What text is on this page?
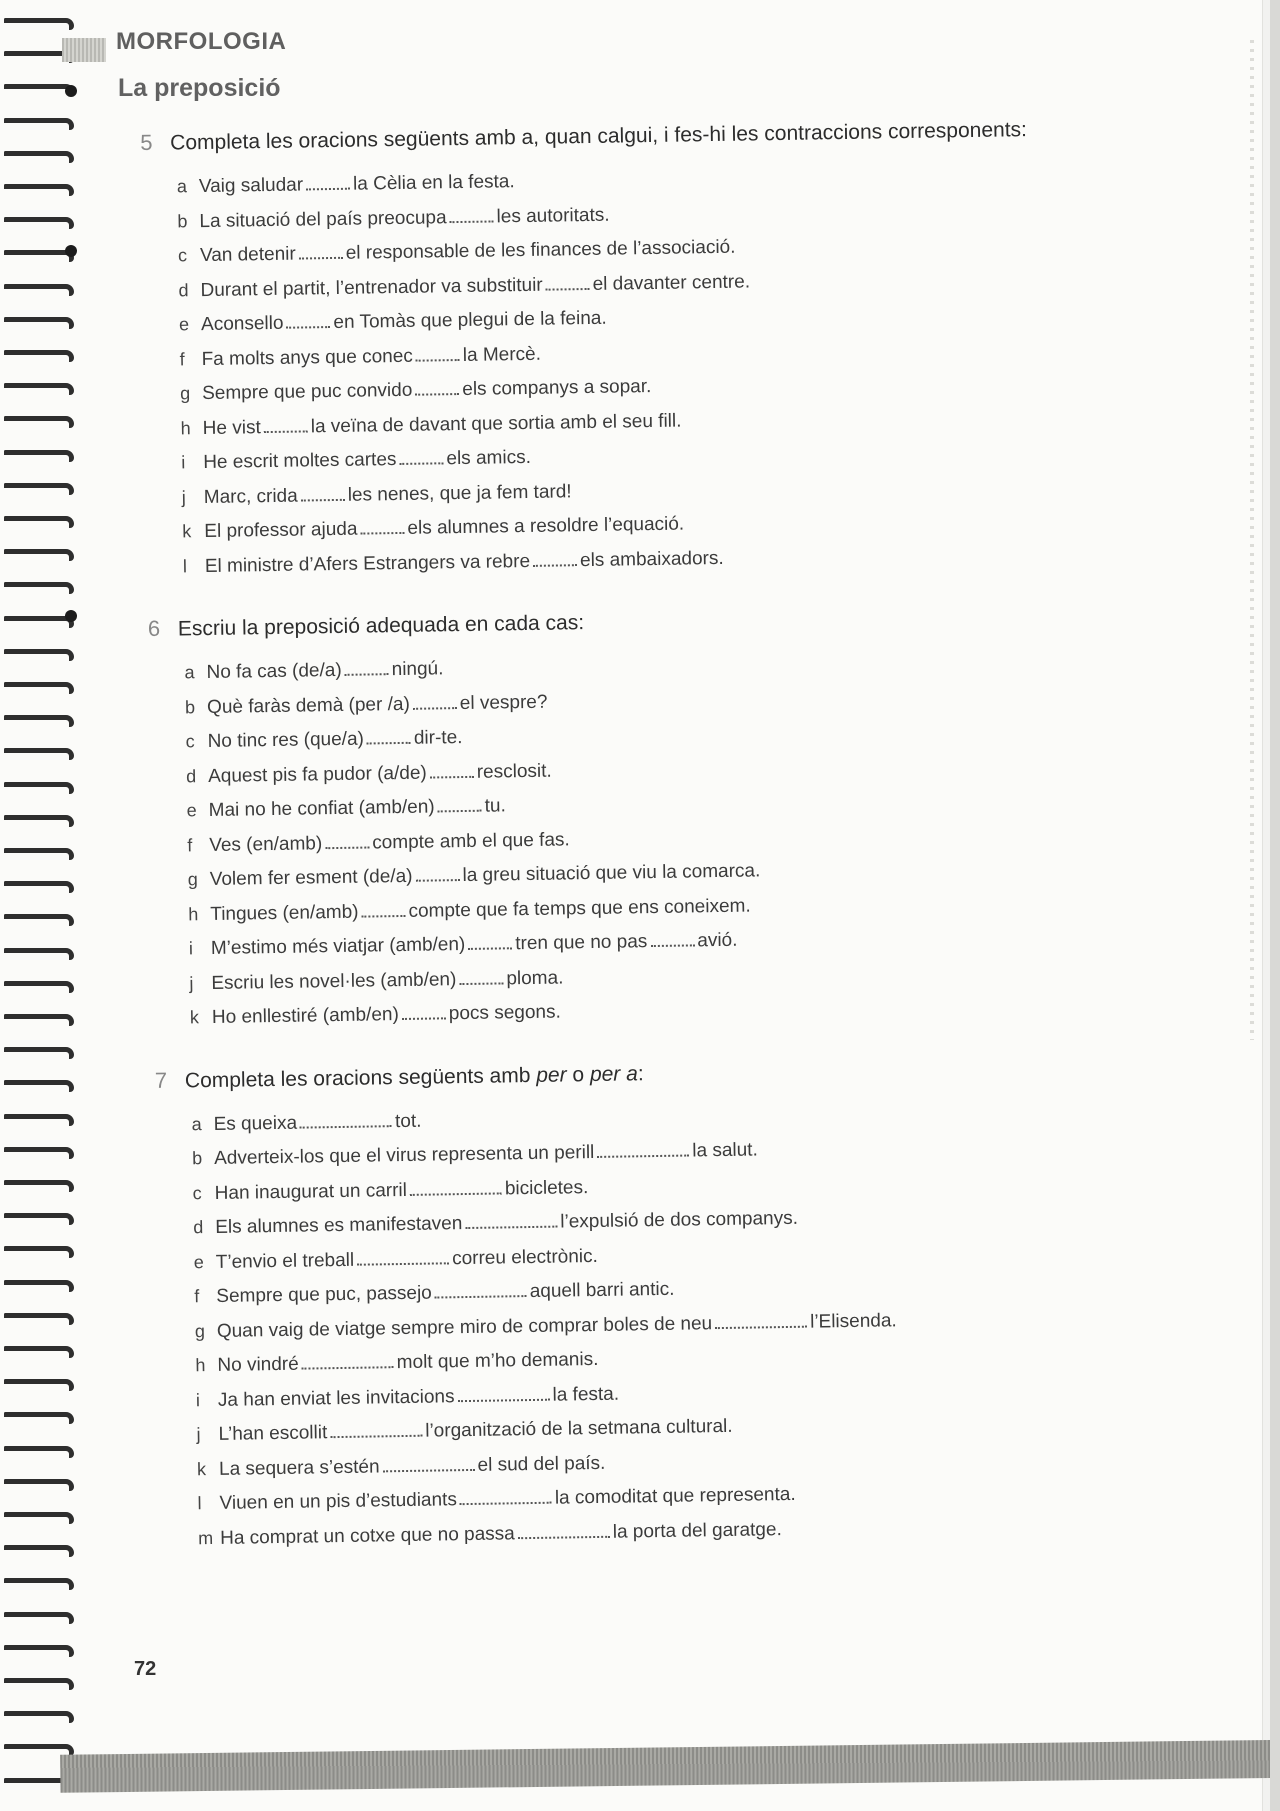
MORFOLOGIA
La preposició
5 Completa les oracions següents amb a, quan calgui, i fes-hi les contraccions corresponents:
a Vaig saludar	la Cèlia en la festa.
b La situació del país preocupa	les autoritats.
c Van detenir	el responsable de les finances de l’associació.
d Durant el partit, l’entrenador va substituir	el davanter centre.
e Aconsello	en Tomàs que plegui de la feina.
f Fa molts anys que conec	la Mercè.
g Sempre que puc convido	els companys a sopar.
h He vist	la veïna de davant que sortia amb el seu fill.
i He escrit moltes cartes	els amics.
j Marc, crida	les nenes, que ja fem tard!
k El professor ajuda	els alumnes a resoldre l’equació.
l El ministre d’Afers Estrangers va rebre	els ambaixadors.
6 Escriu la preposició adequada en cada cas:
a No fa cas (de/a)	ningú.
b Què faràs demà (per /a)	el vespre?
c No tinc res (que/a)	dir-te.
d Aquest pis fa pudor (a/de)	resclosit.
e Mai no he confiat (amb/en)	tu.
f Ves (en/amb)	compte amb el que fas.
g Volem fer esment (de/a)	la greu situació que viu la comarca.
h Tingues (en/amb)	compte que fa temps que ens coneixem.
i M’estimo més viatjar (amb/en)	tren que no pas	avió.
j Escriu les novel·les (amb/en)	ploma.
k Ho enllestiré (amb/en)	pocs segons.
7 Completa les oracions següents amb per o per a:
a Es queixa	tot.
b Adverteix-los que el virus representa un perill	la salut.
c Han inaugurat un carril	bicicletes.
d Els alumnes es manifestaven	l’expulsió de dos companys.
e T’envio el treball	correu electrònic.
f Sempre que puc, passejo	aquell barri antic.
g Quan vaig de viatge sempre miro de comprar boles de neu	l’Elisenda.
h No vindré	molt que m’ho demanis.
i Ja han enviat les invitacions	la festa.
j L’han escollit	l’organització de la setmana cultural.
k La sequera s’estén	el sud del país.
l Viuen en un pis d’estudiants	la comoditat que representa.
m Ha comprat un cotxe que no passa	la porta del garatge.
72
